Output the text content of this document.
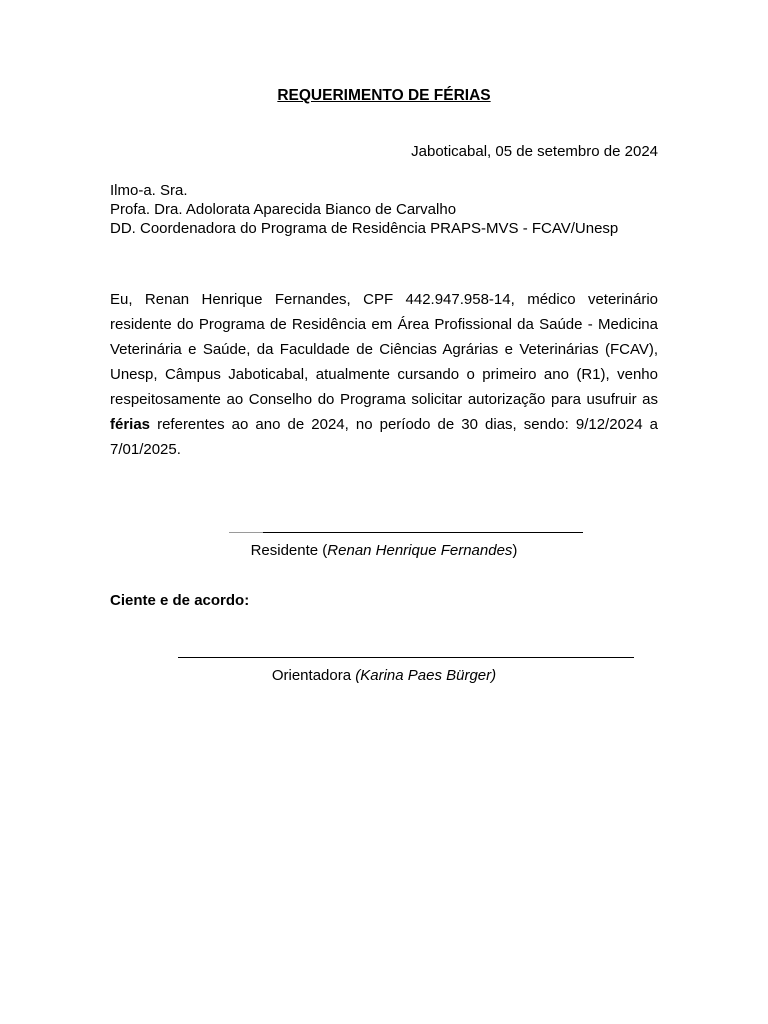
REQUERIMENTO DE FÉRIAS
Jaboticabal, 05 de setembro de 2024
Ilmo-a. Sra.
Profa. Dra. Adolorata Aparecida Bianco de Carvalho
DD. Coordenadora do Programa de Residência PRAPS-MVS - FCAV/Unesp
Eu, Renan Henrique Fernandes, CPF 442.947.958-14, médico veterinário residente do Programa de Residência em Área Profissional da Saúde - Medicina Veterinária e Saúde, da Faculdade de Ciências Agrárias e Veterinárias (FCAV), Unesp, Câmpus Jaboticabal, atualmente cursando o primeiro ano (R1), venho respeitosamente ao Conselho do Programa solicitar autorização para usufruir as férias referentes ao ano de 2024, no período de 30 dias, sendo: 9/12/2024 a 7/01/2025.
Residente (Renan Henrique Fernandes)
Ciente e de acordo:
Orientadora (Karina Paes Bürger)
